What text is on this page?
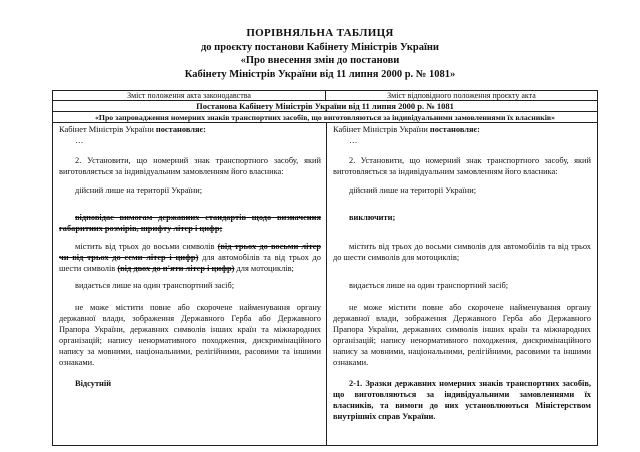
ПОРІВНЯЛЬНА ТАБЛИЦЯ
до проєкту постанови Кабінету Міністрів України
«Про внесення змін до постанови
Кабінету Міністрів України від 11 липня 2000 р. № 1081»
Зміст положення акта законодавства	Зміст відповідного положення проєкту акта
Постанова Кабінету Міністрів України від 11 липня 2000 р. № 1081
«Про запровадження номерних знаків транспортних засобів, що виготовляються за індивідуальними замовленнями їх власників»

Кабінет Міністрів України постановляє:

…

2. Установити, що номерний знак транспортного засобу, який виготовляється за індивідуальним замовленням його власника:

дійсний лише на території України;

відповідає вимогам державних стандартів щодо визначення габаритних розмірів, шрифту літер і цифр;

містить від трьох до восьми символів (від трьох до восьми літер чи від трьох до семи літер і цифр) для автомобілів та від трьох до шести символів (від двох до п'яти літер і цифр) для мотоциклів;

видається лише на один транспортний засіб;

не може містити повне або скорочене найменування органу державної влади, зображення Державного Герба або Державного Прапора України, державних символів інших країн та міжнародних організацій; напису ненормативного походження, дискримінаційного напису за мовними, національними, релігійними, расовими та іншими ознаками.

Відсутній

Кабінет Міністрів України постановляє:

…

2. Установити, що номерний знак транспортного засобу, який виготовляється за індивідуальним замовленням його власника:

дійсний лише на території України;

виключити;

містить від трьох до восьми символів для автомобілів та від трьох до шести символів для мотоциклів;

видається лише на один транспортний засіб;

не може містити повне або скорочене найменування органу державної влади, зображення Державного Герба або Державного Прапора України, державних символів інших країн та міжнародних організацій; напису ненормативного походження, дискримінаційного напису за мовними, національними, релігійними, расовими та іншими ознаками.

2-1. Зразки державних номерних знаків транспортних засобів, що виготовляються за індивідуальними замовленнями їх власників, та вимоги до них установлюються Міністерством внутрішніх справ України.
